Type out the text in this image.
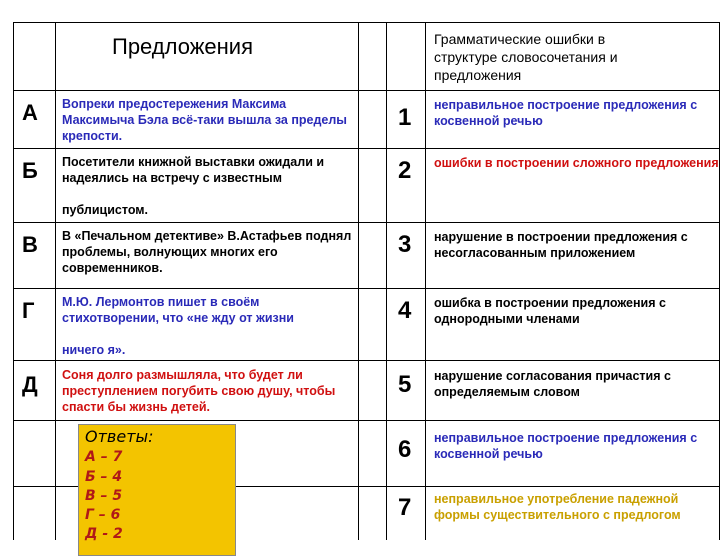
Предложения	Грамматические ошибки в
структуре словосочетания и
предложения
А Вопреки предостережения Максима Максимыча Бэла всё-таки вышла за пределы крепости.
1 неправильное построение предложения с косвенной речью
Б Посетители книжной выставки ожидали и надеялись на встречу с известным
публицистом.
2 ошибки в построении сложного предложения
В В «Печальном детективе» В.Астафьев поднял проблемы, волнующих многих его современников.
3 нарушение в построении предложения с несогласованным приложением
Г М.Ю. Лермонтов пишет в своём стихотворении, что «не жду от жизни
ничего я».
4 ошибка в построении предложения с однородными членами
Д Соня долго размышляла, что будет ли преступлением погубить свою душу, чтобы спасти бы жизнь детей.
5 нарушение согласования причастия с определяемым словом
6 неправильное построение предложения с косвенной речью
7 неправильное употребление падежной формы существительного с предлогом
Ответы:
А – 7
Б – 4
В – 5
Г – 6
Д - 2
